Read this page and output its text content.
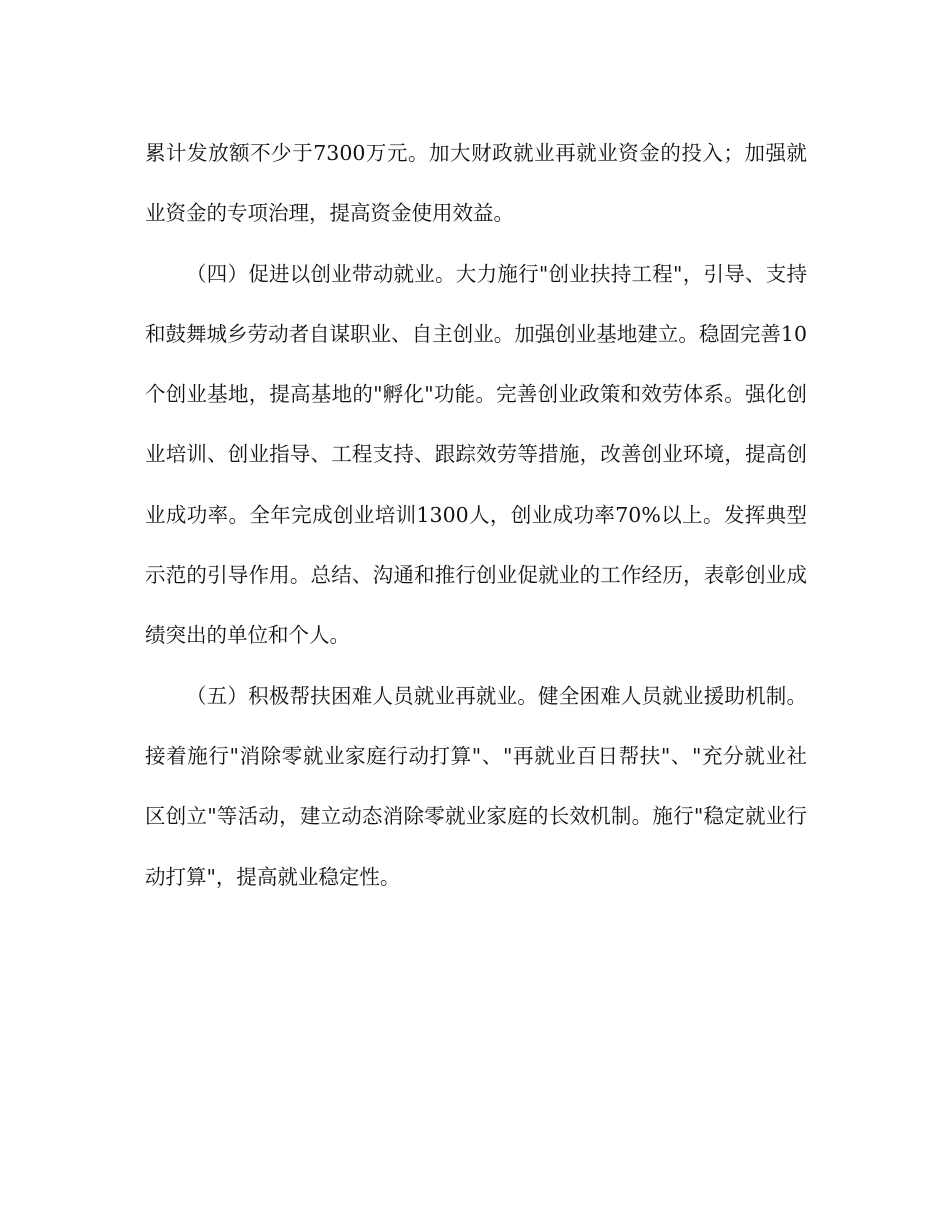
累计发放额不少于7300万元。加大财政就业再就业资金的投入；加强就业资金的专项治理，提高资金使用效益。

（四）促进以创业带动就业。大力施行"创业扶持工程"，引导、支持和鼓舞城乡劳动者自谋职业、自主创业。加强创业基地建立。稳固完善10个创业基地，提高基地的"孵化"功能。完善创业政策和效劳体系。强化创业培训、创业指导、工程支持、跟踪效劳等措施，改善创业环境，提高创业成功率。全年完成创业培训1300人，创业成功率70%以上。发挥典型示范的引导作用。总结、沟通和推行创业促就业的工作经历，表彰创业成绩突出的单位和个人。

（五）积极帮扶困难人员就业再就业。健全困难人员就业援助机制。接着施行"消除零就业家庭行动打算"、"再就业百日帮扶"、"充分就业社区创立"等活动，建立动态消除零就业家庭的长效机制。施行"稳定就业行动打算"，提高就业稳定性。
